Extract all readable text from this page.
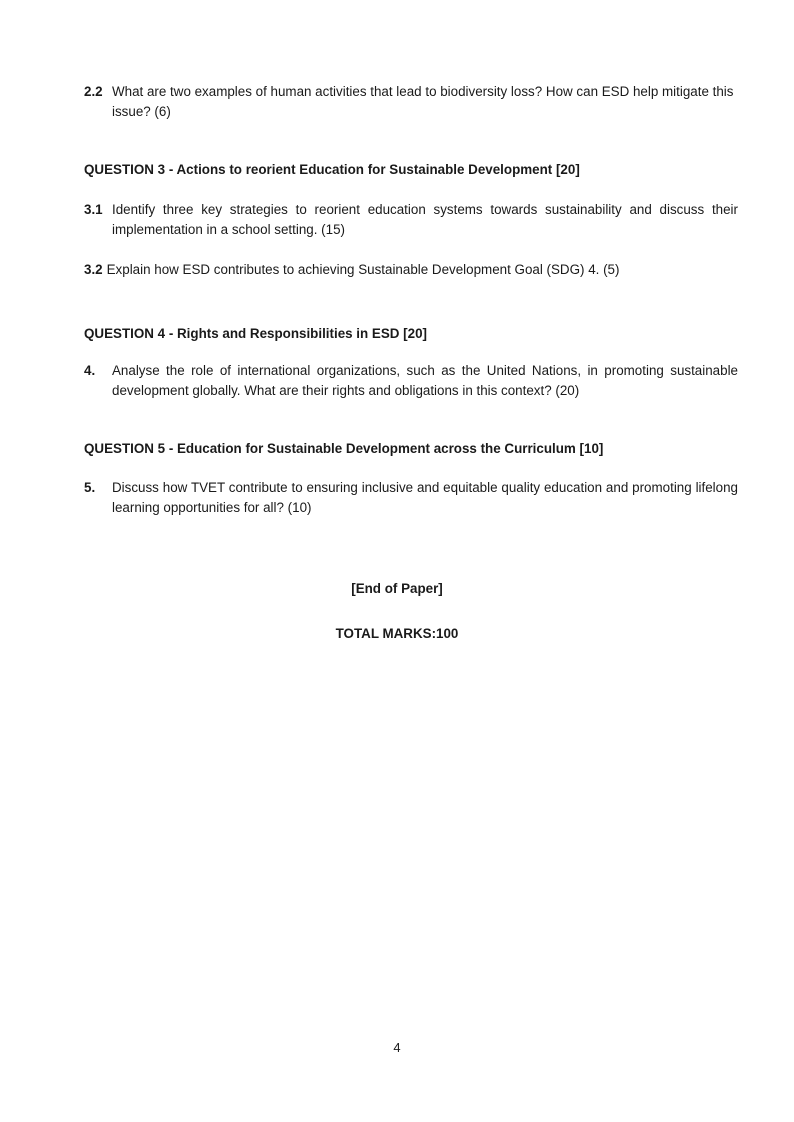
2.2 What are two examples of human activities that lead to biodiversity loss? How can ESD help mitigate this issue? (6)
QUESTION 3 - Actions to reorient Education for Sustainable Development [20]
3.1 Identify three key strategies to reorient education systems towards sustainability and discuss their implementation in a school setting. (15)
3.2 Explain how ESD contributes to achieving Sustainable Development Goal (SDG) 4. (5)
QUESTION 4 - Rights and Responsibilities in ESD [20]
4. Analyse the role of international organizations, such as the United Nations, in promoting sustainable development globally. What are their rights and obligations in this context? (20)
QUESTION 5 - Education for Sustainable Development across the Curriculum [10]
5. Discuss how TVET contribute to ensuring inclusive and equitable quality education and promoting lifelong learning opportunities for all? (10)
[End of Paper]
TOTAL MARKS:100
4
